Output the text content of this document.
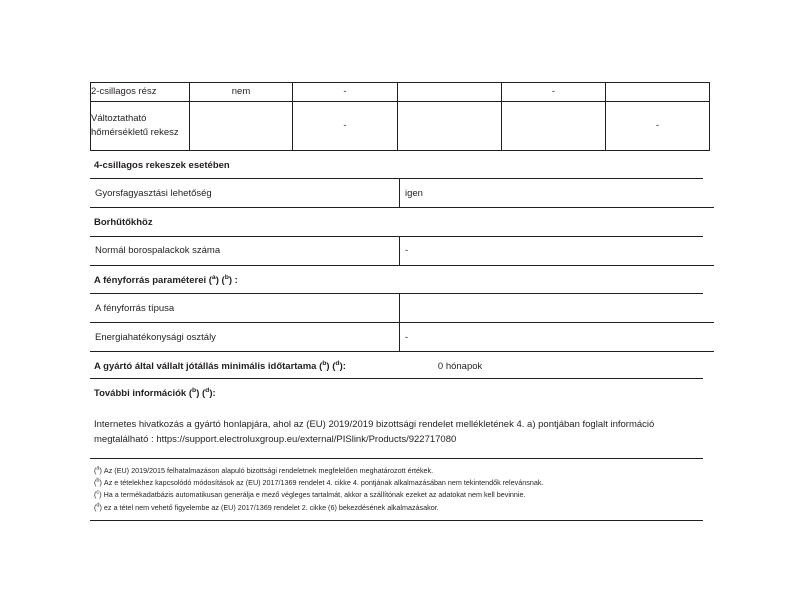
2-csillagos rész	nem	-		-	
Változtatható hőmérsékletű rekesz		-			-
4-csillagos rekeszek esetében
Gyorsfagyasztási lehetőség	igen
Borhűtőkhöz
Normál borospalackok száma	-
A fényforrás paraméterei ($^a$) ($^b$) :
A fényforrás típusa	
Energiahatékonysági osztály	-
A gyártó által vállalt jótállás minimális időtartama ($^b$) ($^d$):	0 hónapok
További információk ($^b$) ($^d$):

Internetes hivatkozás a gyártó honlapjára, ahol az (EU) 2019/2019 bizottsági rendelet mellékletének 4. a) pontjában foglalt információ megtalálható : https://support.electroluxgroup.eu/external/PISlink/Products/922717080

($^a$) Az (EU) 2019/2015 felhatalmazáson alapuló bizottsági rendeletnek megfelelően meghatározott értékek.

($^b$) Az e tételekhez kapcsolódó módosítások az (EU) 2017/1369 rendelet 4. cikke 4. pontjának alkalmazásában nem tekintendők relevánsnak.

($^c$) Ha a termékadatbázis automatikusan generálja e mező végleges tartalmát, akkor a szállítónak ezeket az adatokat nem kell bevinnie.

($^d$) ez a tétel nem vehető figyelembe az (EU) 2017/1369 rendelet 2. cikke (6) bekezdésének alkalmazásakor.
